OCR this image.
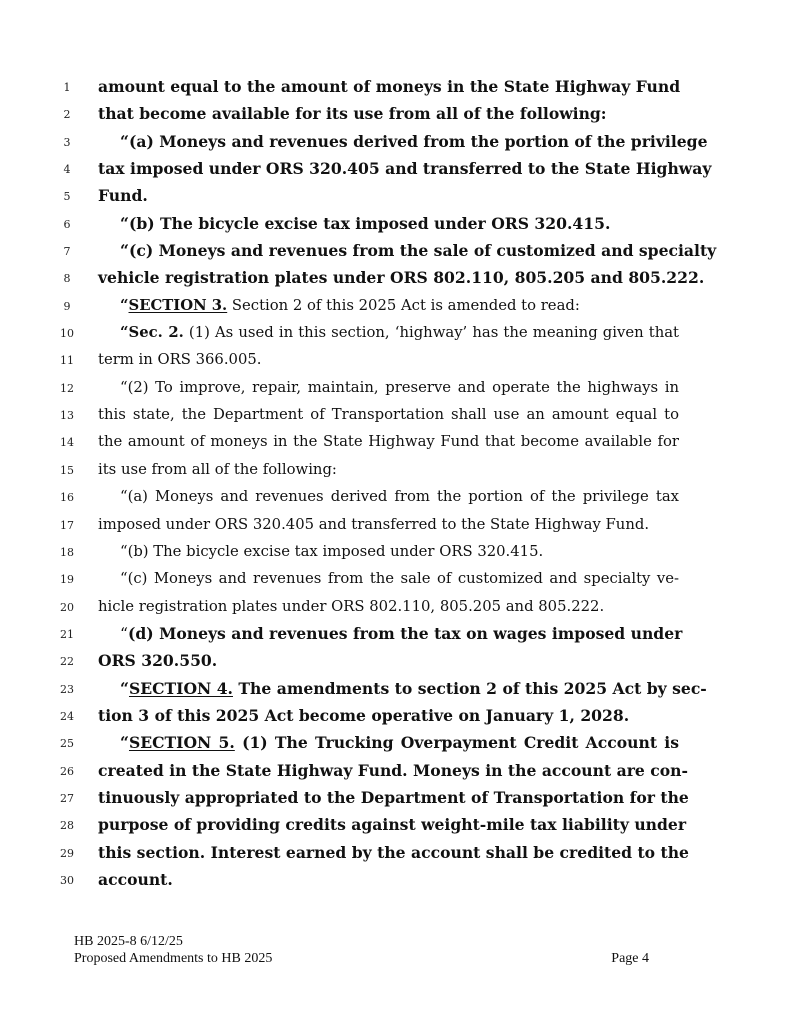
1	amount equal to the amount of moneys in the State Highway Fund
2	that become available for its use from all of the following:
3	“(a) Moneys and revenues derived from the portion of the privilege
4	tax imposed under ORS 320.405 and transferred to the State Highway
5	Fund.
6	“(b) The bicycle excise tax imposed under ORS 320.415.
7	“(c) Moneys and revenues from the sale of customized and specialty
8	vehicle registration plates under ORS 802.110, 805.205 and 805.222.
9	“SECTION 3. Section 2 of this 2025 Act is amended to read:
10	“Sec. 2. (1) As used in this section, ‘highway’ has the meaning given that
11	term in ORS 366.005.
12	“(2) To improve, repair, maintain, preserve and operate the highways in
13	this state, the Department of Transportation shall use an amount equal to
14	the amount of moneys in the State Highway Fund that become available for
15	its use from all of the following:
16	“(a) Moneys and revenues derived from the portion of the privilege tax
17	imposed under ORS 320.405 and transferred to the State Highway Fund.
18	“(b) The bicycle excise tax imposed under ORS 320.415.
19	“(c) Moneys and revenues from the sale of customized and specialty ve-
20	hicle registration plates under ORS 802.110, 805.205 and 805.222.
21	“(d) Moneys and revenues from the tax on wages imposed under
22	ORS 320.550.
23	“SECTION 4. The amendments to section 2 of this 2025 Act by sec-
24	tion 3 of this 2025 Act become operative on January 1, 2028.
25	“SECTION 5. (1) The Trucking Overpayment Credit Account is
26	created in the State Highway Fund. Moneys in the account are con-
27	tinuously appropriated to the Department of Transportation for the
28	purpose of providing credits against weight-mile tax liability under
29	this section. Interest earned by the account shall be credited to the
30	account.
HB 2025-8 6/12/25
Proposed Amendments to HB 2025	Page 4
